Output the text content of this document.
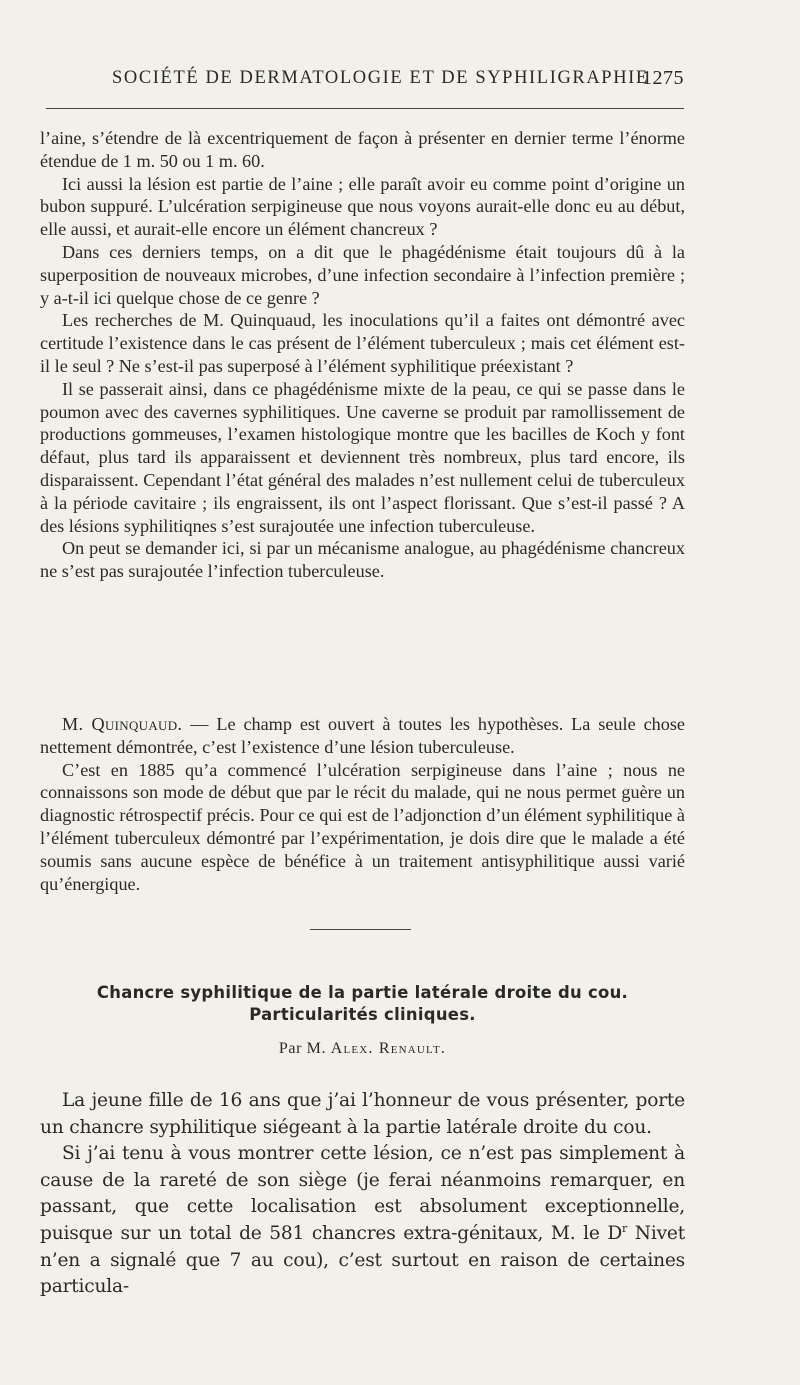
SOCIÉTÉ DE DERMATOLOGIE ET DE SYPHILIGRAPHIE
1275

l’aine, s’étendre de là excentriquement de façon à présenter en dernier terme l’énorme étendue de 1 m. 50 ou 1 m. 60.

Ici aussi la lésion est partie de l’aine ; elle paraît avoir eu comme point d’origine un bubon suppuré. L’ulcération serpigineuse que nous voyons aurait-elle donc eu au début, elle aussi, et aurait-elle encore un élément chancreux ?

Dans ces derniers temps, on a dit que le phagédénisme était toujours dû à la superposition de nouveaux microbes, d’une infection secondaire à l’infection première ; y a-t-il ici quelque chose de ce genre ?

Les recherches de M. Quinquaud, les inoculations qu’il a faites ont démontré avec certitude l’existence dans le cas présent de l’élément tuberculeux ; mais cet élément est-il le seul ? Ne s’est-il pas superposé à l’élément syphilitique préexistant ?

Il se passerait ainsi, dans ce phagédénisme mixte de la peau, ce qui se passe dans le poumon avec des cavernes syphilitiques. Une caverne se produit par ramollissement de productions gommeuses, l’examen histologique montre que les bacilles de Koch y font défaut, plus tard ils apparaissent et deviennent très nombreux, plus tard encore, ils disparaissent. Cependant l’état général des malades n’est nullement celui de tuberculeux à la période cavitaire ; ils engraissent, ils ont l’aspect florissant. Que s’est-il passé ? A des lésions syphilitiqnes s’est surajoutée une infection tuberculeuse.

On peut se demander ici, si par un mécanisme analogue, au phagédénisme chancreux ne s’est pas surajoutée l’infection tuberculeuse.

M. Quinquaud. — Le champ est ouvert à toutes les hypothèses. La seule chose nettement démontrée, c’est l’existence d’une lésion tuberculeuse.

C’est en 1885 qu’a commencé l’ulcération serpigineuse dans l’aine ; nous ne connaissons son mode de début que par le récit du malade, qui ne nous permet guère un diagnostic rétrospectif précis. Pour ce qui est de l’adjonction d’un élément syphilitique à l’élément tuberculeux démontré par l’expérimentation, je dois dire que le malade a été soumis sans aucune espèce de bénéfice à un traitement antisyphilitique aussi varié qu’énergique.

Chancre syphilitique de la partie latérale droite du cou.
Particularités cliniques.
Par M. Alex. Renault.

La jeune fille de 16 ans que j’ai l’honneur de vous présenter, porte un chancre syphilitique siégeant à la partie latérale droite du cou.

Si j’ai tenu à vous montrer cette lésion, ce n’est pas simplement à cause de la rareté de son siège (je ferai néanmoins remarquer, en passant, que cette localisation est absolument exceptionnelle, puisque sur un total de 581 chancres extra-génitaux, M. le $D^r$ Nivet n’en a signalé que 7 au cou), c’est surtout en raison de certaines particula-
